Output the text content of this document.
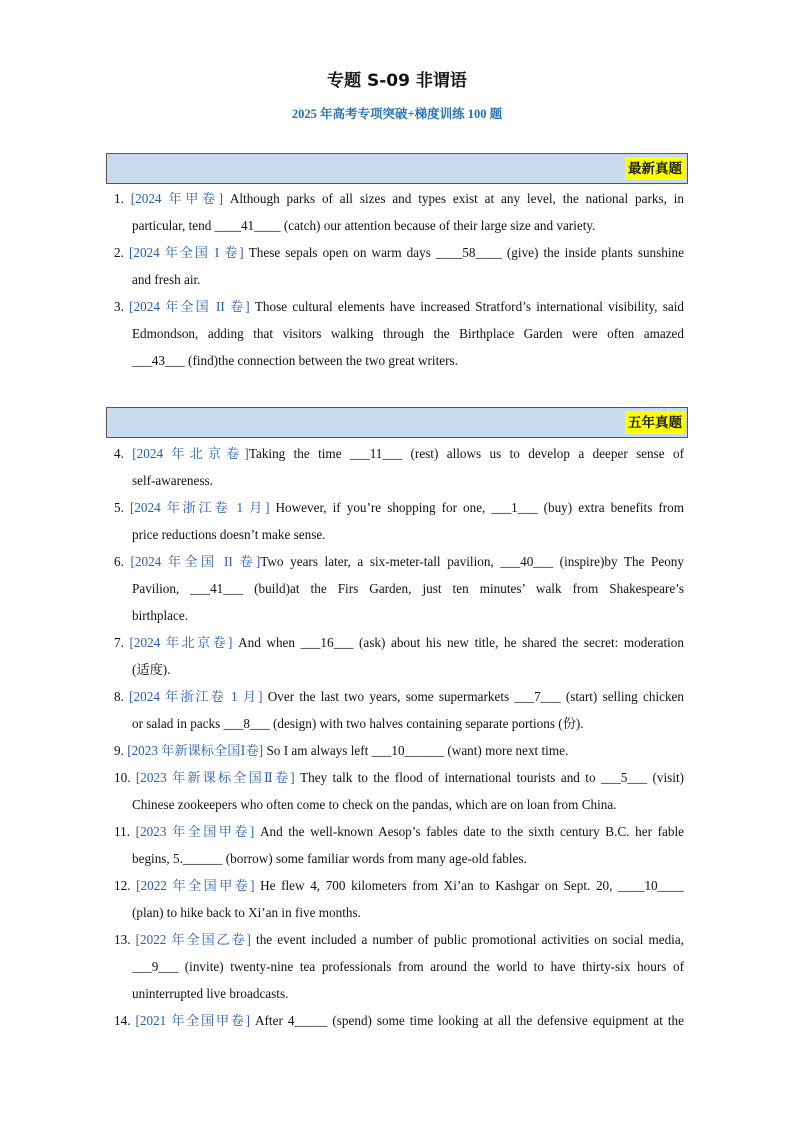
专题 S-09 非谓语
2025 年高考专项突破+梯度训练 100 题
最新真题
1. [2024 年甲卷] Although parks of all sizes and types exist at any level, the national parks, in
particular, tend ____41____ (catch) our attention because of their large size and variety.
2. [2024 年全国 I 卷] These sepals open on warm days ____58____ (give) the inside plants sunshine
and fresh air.
3. [2024 年全国 II 卷] Those cultural elements have increased Stratford’s international visibility, said
Edmondson, adding that visitors walking through the Birthplace Garden were often amazed
___43___ (find)the connection between the two great writers.
五年真题
4. [2024 年北京卷]Taking the time ___11___ (rest) allows us to develop a deeper sense of
self-awareness.
5. [2024 年浙江卷 1 月] However, if you’re shopping for one, ___1___ (buy) extra benefits from
price reductions doesn’t make sense.
6. [2024 年全国 II 卷]Two years later, a six-meter-tall pavilion, ___40___ (inspire)by The Peony
Pavilion, ___41___ (build)at the Firs Garden, just ten minutes’ walk from Shakespeare’s
birthplace.
7. [2024 年北京卷] And when ___16___ (ask) about his new title, he shared the secret: moderation
(适度).
8. [2024 年浙江卷 1 月] Over the last two years, some supermarkets ___7___ (start) selling chicken
or salad in packs ___8___ (design) with two halves containing separate portions (份).
9. [2023 年新课标全国Ⅰ卷] So I am always left ___10______ (want) more next time.
10. [2023 年新课标全国Ⅱ卷] They talk to the flood of international tourists and to ___5___ (visit)
Chinese zookeepers who often come to check on the pandas, which are on loan from China.
11. [2023 年全国甲卷] And the well-known Aesop’s fables date to the sixth century B.C. her fable
begins, 5.______ (borrow) some familiar words from many age-old fables.
12. [2022 年全国甲卷] He flew 4, 700 kilometers from Xi’an to Kashgar on Sept. 20, ____10____
(plan) to hike back to Xi’an in five months.
13. [2022 年全国乙卷] the event included a number of public promotional activities on social media,
___9___ (invite) twenty-nine tea professionals from around the world to have thirty-six hours of
uninterrupted live broadcasts.
14. [2021 年全国甲卷] After 4_____ (spend) some time looking at all the defensive equipment at the
